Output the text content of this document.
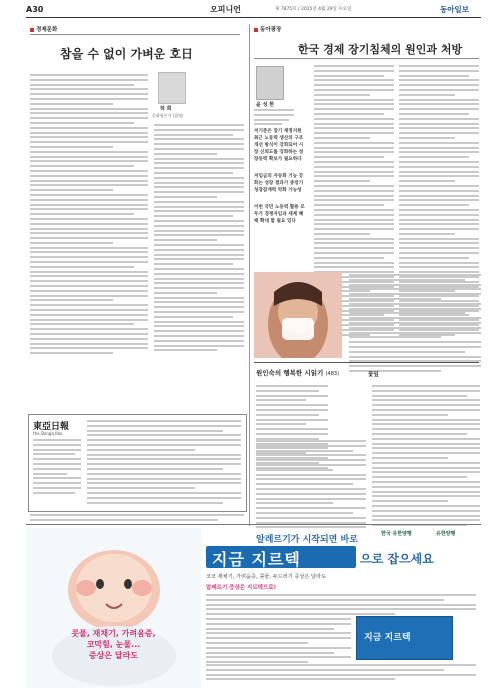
A30	오피니언	제 7875호 / 2015년 4월 29일 수요일	동아일보
경제문화
참을 수 없이 가벼운 호日
허 희
문화평론가 (필명)
東亞日報
the Donga Ilbo
동아광장
한국 경제 장기침체의 원인과 처방
윤 성 현
저기준은 장기 재정지원 최근 노동력 생산의 구조개선 방식이 강화되어 시장 신뢰도를 강화하는 성장동력 확보가 필요하다
저임금의 자동화 기능 강화는 성장 결과가 중장기 성장잠재력 약화 가능성
이번 국민 노동력 활용 모두가 경쟁자임과 세제 혜택 확대 할 필요 있다
원인숙의 행복한 시읽기 (483)	꽃잎
콧물, 재채기, 가려움증,
코막힘, 눈물...
증상은 달라도
알레르기가 시작되면 바로
지금 지르텍	으로 잡으세요
코코 재채기, 가려움증, 콧물, 두드러기 증상은 달라도
알레르기 증상은 지르텍으로!
지금 지르텍
한국 유한양행	유한양행
